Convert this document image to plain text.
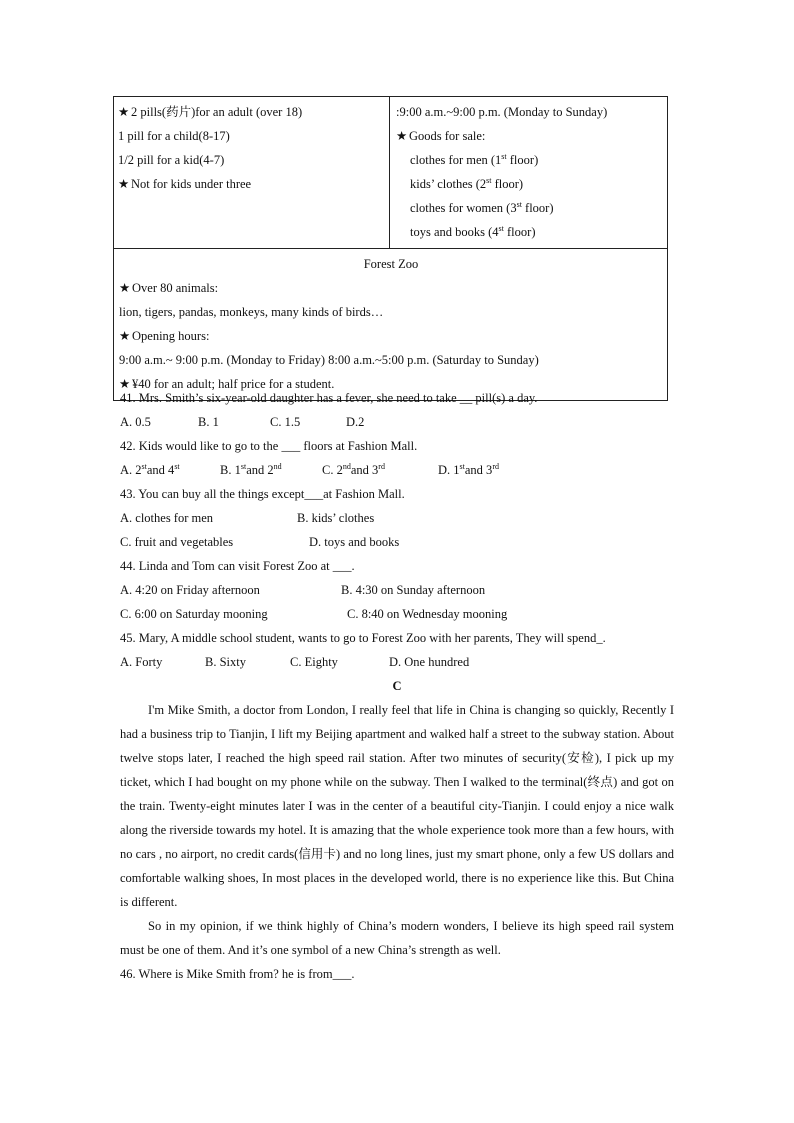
★ 2 pills(药片)for an adult (over 18)
1 pill for a child(8-17)
1/2 pill for a kid(4-7)
★ Not for kids under three

:9:00 a.m.~9:00 p.m. (Monday to Sunday)
★ Goods for sale:
clothes for men (1st floor)
kids’ clothes (2st floor)
clothes for women (3st floor)
toys and books (4st floor)

Forest Zoo
★ Over 80 animals:
lion, tigers, pandas, monkeys, many kinds of birds…
★ Opening hours:
9:00 a.m.~ 9:00 p.m. (Monday to Friday) 8:00 a.m.~5:00 p.m. (Saturday to Sunday)
★ ¥40 for an adult; half price for a student.
41. Mrs. Smith’s six-year-old daughter has a fever, she need to take __ pill(s) a day.
A. 0.5	B. 1	C. 1.5	D.2
42. Kids would like to go to the ___ floors at Fashion Mall.
A. 2stand 4st	B. 1stand 2nd	C. 2ndand 3rd	D. 1stand 3rd
43. You can buy all the things except___at Fashion Mall.
A. clothes for men	B. kids’ clothes
C. fruit and vegetables	D. toys and books
44. Linda and Tom can visit Forest Zoo at ___.
A. 4:20 on Friday afternoon	B. 4:30 on Sunday afternoon
C. 6:00 on Saturday mooning	C. 8:40 on Wednesday mooning
45. Mary, A middle school student, wants to go to Forest Zoo with her parents, They will spend_.
A. Forty	B. Sixty	C. Eighty	D. One hundred
C

I'm Mike Smith, a doctor from London, I really feel that life in China is changing so quickly, Recently I had a business trip to Tianjin, I lift my Beijing apartment and walked half a street to the subway station. About twelve stops later, I reached the high speed rail station. After two minutes of security(安检), I pick up my ticket, which I had bought on my phone while on the subway. Then I walked to the terminal(终点) and got on the train. Twenty-eight minutes later I was in the center of a beautiful city-Tianjin. I could enjoy a nice walk along the riverside towards my hotel. It is amazing that the whole experience took more than a few hours, with no cars , no airport, no credit cards(信用卡) and no long lines, just my smart phone, only a few US dollars and comfortable walking shoes, In most places in the developed world, there is no experience like this. But China is different.

So in my opinion, if we think highly of China’s modern wonders, I believe its high speed rail system must be one of them. And it’s one symbol of a new China’s strength as well.

46. Where is Mike Smith from? he is from___.
